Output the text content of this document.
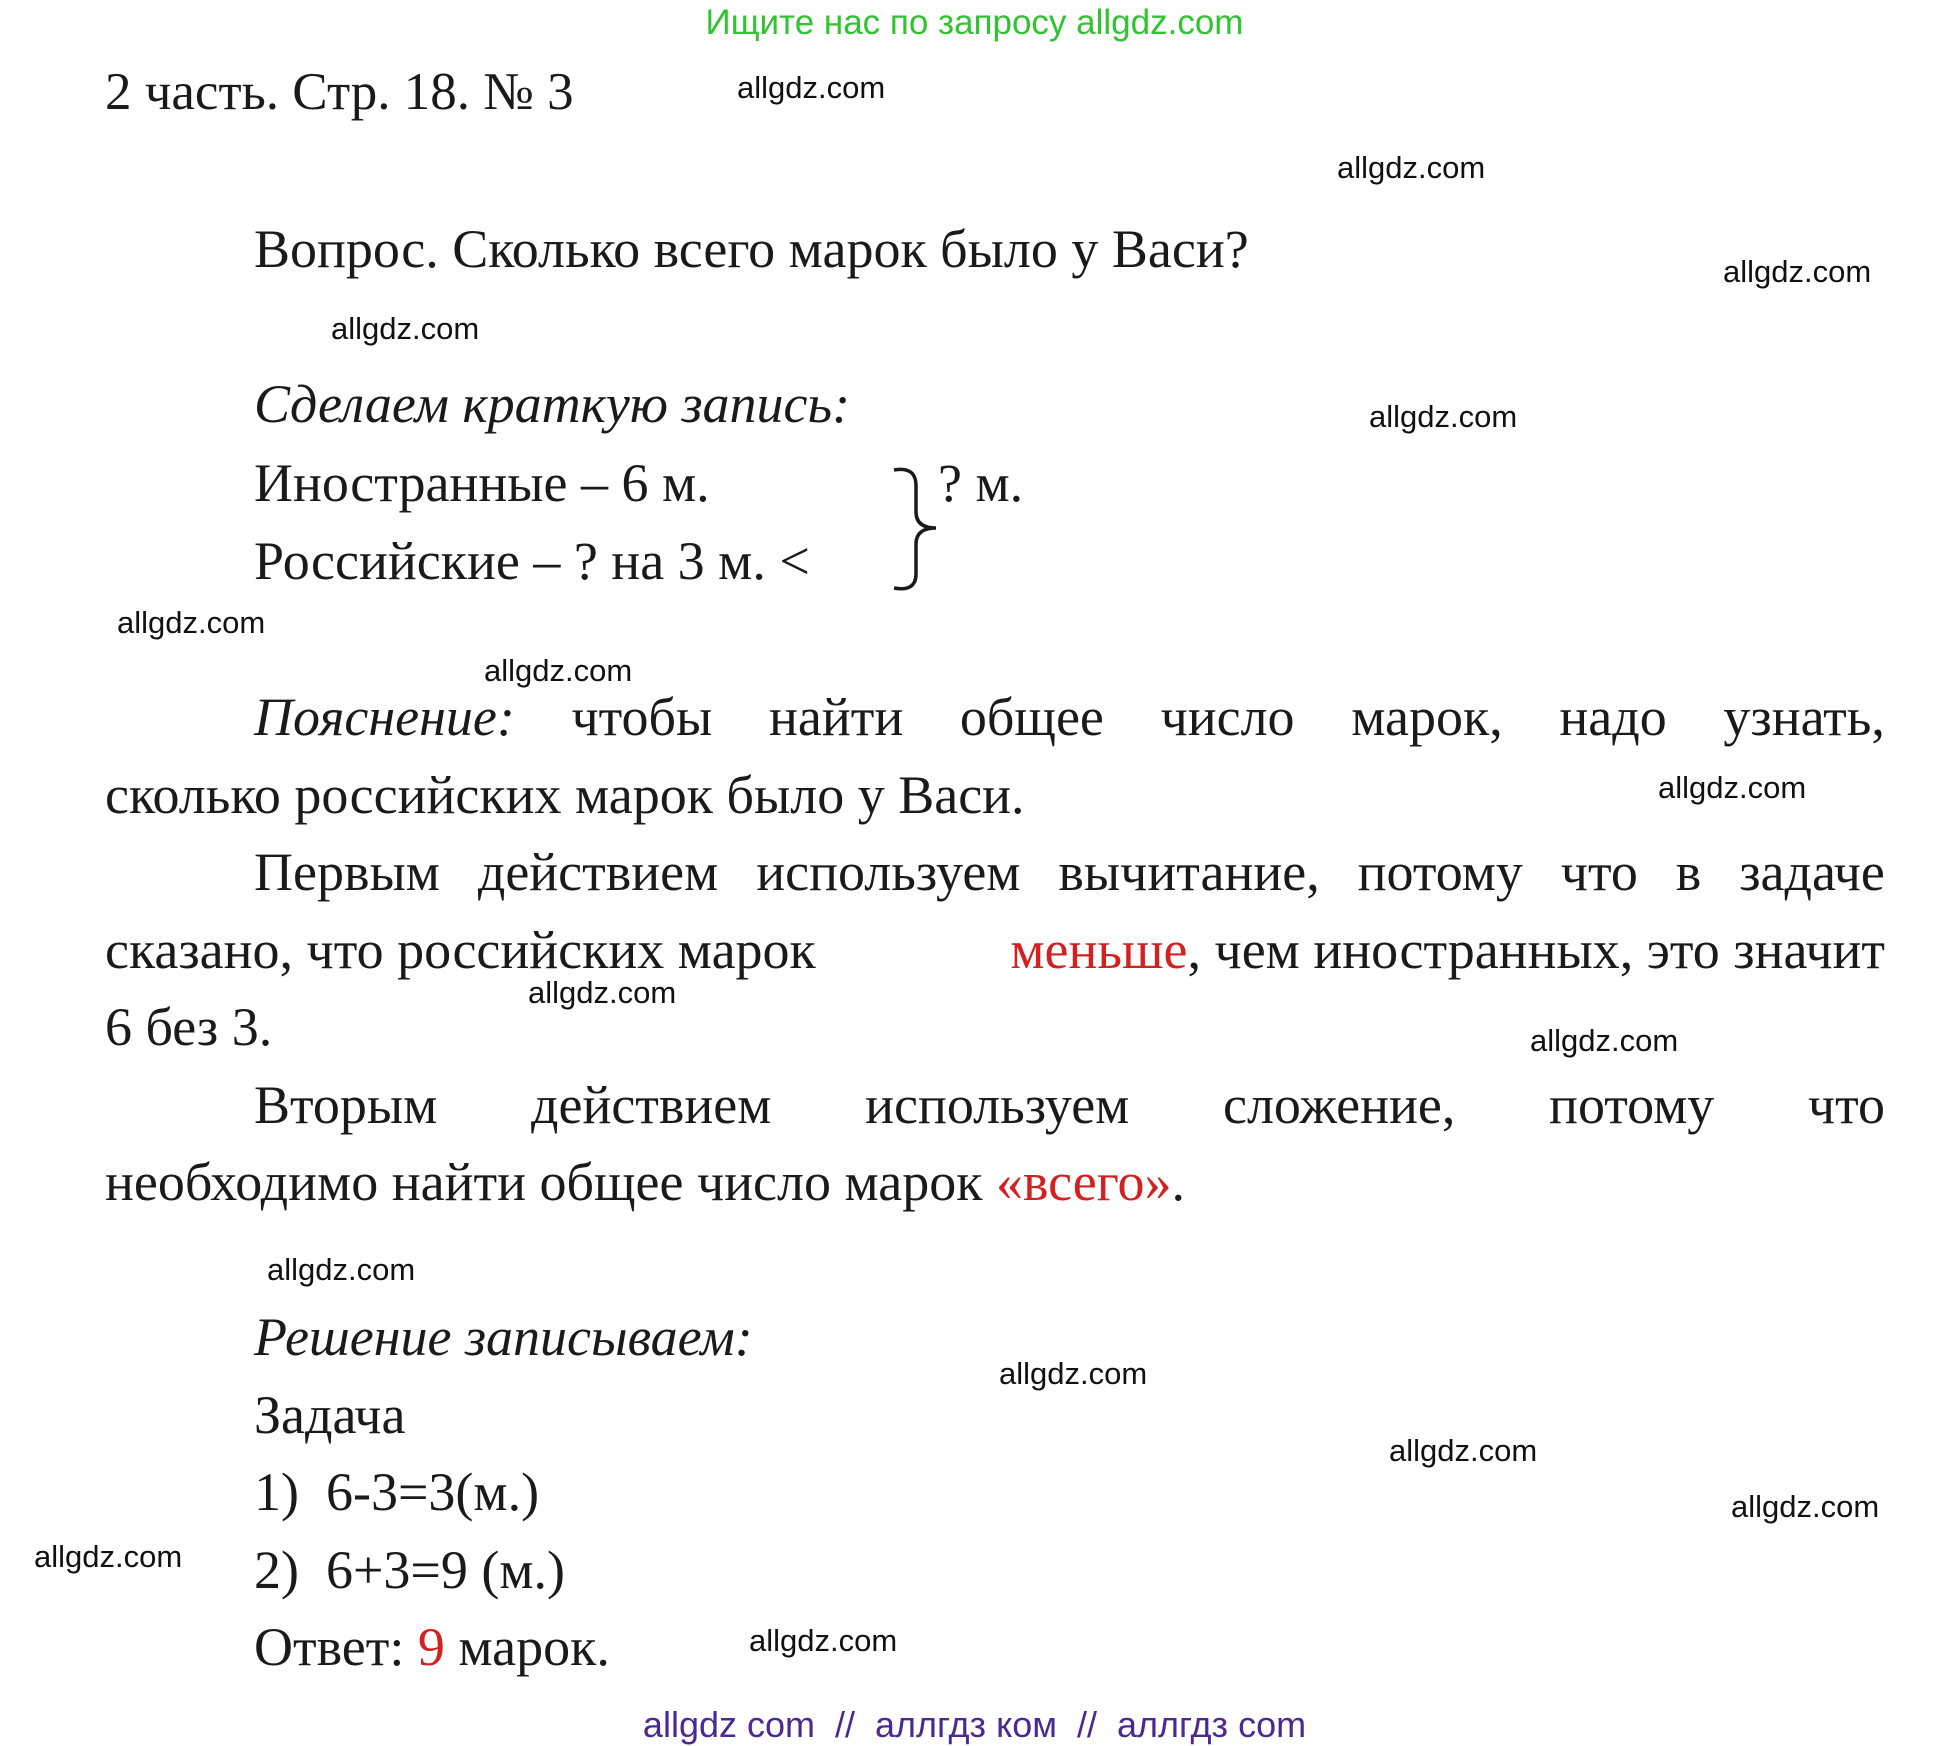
Ищите нас по запросу allgdz.com
2 часть. Стр. 18. № 3
Вопрос. Сколько всего марок было у Васи?
Сделаем краткую запись:
Иностранные – 6 м.
Российские – ? на 3 м. <
? м.
Пояснение: чтобы найти общее число марок, надо узнать,
сколько российских марок было у Васи.
Первым действием используем вычитание, потому что в задаче
сказано, что российских марок	меньше, чем иностранных, это значит
6 без 3.
Вторым действием используем сложение, потому что
необходимо найти общее число марок «всего».
Решение записываем:
Задача
1)  6-3=3(м.)
2)  6+3=9 (м.)
Ответ: 9 марок.
allgdz.com
allgdz.com
allgdz.com
allgdz.com
allgdz.com
allgdz.com
allgdz.com
allgdz.com
allgdz.com
allgdz.com
allgdz.com
allgdz.com
allgdz.com
allgdz.com
allgdz.com
allgdz.com
allgdz com  //  аллгдз ком  //  аллгдз com
